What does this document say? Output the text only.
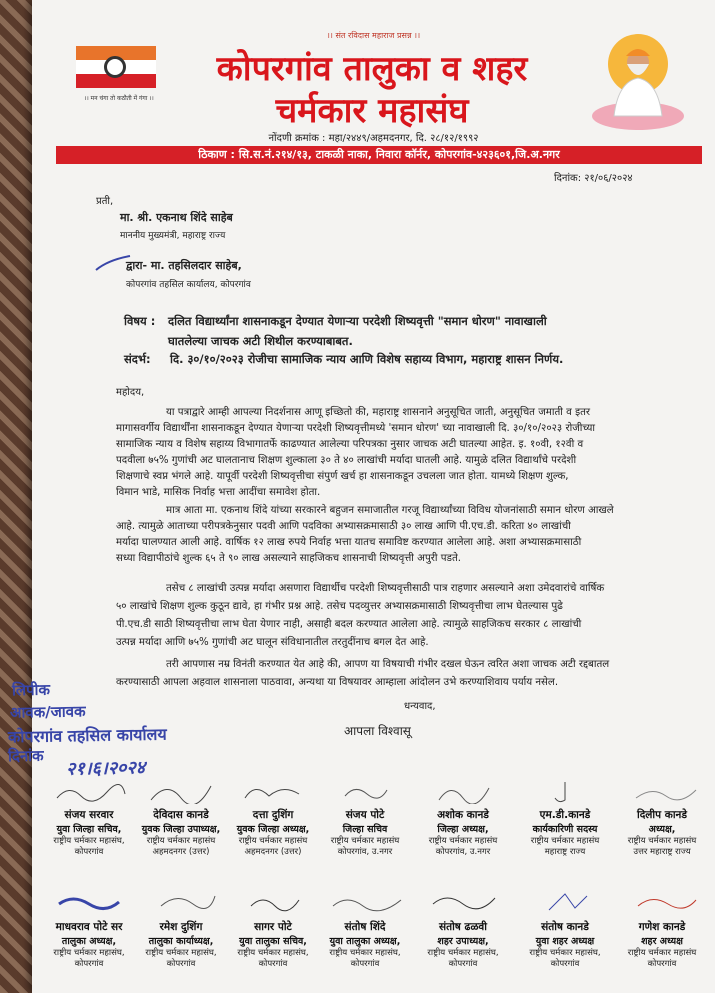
।। संत रविदास महाराज प्रसन्न ।।
।। मन चंगा तो कठौती में गंगा ।।
कोपरगांव तालुका व शहर
चर्मकार महासंघ
नोंदणी क्रमांक : महा/२४४९/अहमदनगर, दि. २८/१२/१९९२
ठिकाण : सि.स.नं.२१४/१३, टाकळी नाका, निवारा कॉर्नर, कोपरगांव-४२३६०१,जि.अ.नगर
दिनांक: २१/०६/२०२४
प्रती,
मा. श्री. एकनाथ शिंदे साहेब
माननीय मुख्यमंत्री, महाराष्ट्र राज्य
द्वारा- मा. तहसिलदार साहेब,
कोपरगांव तहसिल कार्यालय, कोपरगांव
विषय : दलित विद्यार्थ्यांना शासनाकडून देण्यात येणाऱ्या परदेशी शिष्यवृत्ती "समान धोरण" नावाखाली
घातलेल्या जाचक अटी शिथील करण्याबाबत.
संदर्भ: दि. ३०/१०/२०२३ रोजीचा सामाजिक न्याय आणि विशेष सहाय्य विभाग, महाराष्ट्र शासन निर्णय.
महोदय,
या पत्राद्वारे आम्ही आपल्या निदर्शनास आणू इच्छितो की, महाराष्ट्र शासनाने अनुसूचित जाती, अनुसूचित जमाती व इतर
मागासवर्गीय विद्यार्थींना शासनाकडून देण्यात येणाऱ्या परदेशी शिष्यवृत्तीमध्ये 'समान धोरण' च्या नावाखाली दि. ३०/१०/२०२३ रोजीच्या
सामाजिक न्याय व विशेष सहाय्य विभागातर्फे काढण्यात आलेल्या परिपत्रका नुसार जाचक अटी घातल्या आहेत. इ. १०वी, १२वी व
पदवीला ७५% गुणांची अट घालतानाच शिक्षण शुल्काला ३० ते ४० लाखांची मर्यादा घातली आहे. यामुळे दलित विद्यार्थांचे परदेशी
शिक्षणाचे स्वप्न भंगले आहे. यापूर्वी परदेशी शिष्यवृत्तीचा संपुर्ण खर्च हा शासनाकडून उचलला जात होता. यामध्ये शिक्षण शुल्क,
विमान भाडे, मासिक निर्वाह भत्ता आदींचा समावेश होता.
मात्र आता मा. एकनाथ शिंदे यांच्या सरकारने बहुजन समाजातील गरजू विद्यार्थ्यांच्या विविध योजनांसाठी समान धोरण आखले
आहे. त्यामुळे आताच्या परीपत्रकेनुसार पदवी आणि पदविका अभ्यासक्रमासाठी ३० लाख आणि पी.एच.डी. करिता ४० लाखांची
मर्यादा घालण्यात आली आहे. वार्षिक १२ लाख रुपये निर्वाह भत्ता यातच समाविष्ट करण्यात आलेला आहे. अशा अभ्यासक्रमासाठी
सध्या विद्यापीठांचे शुल्क ६५ ते ९० लाख असल्याने साहजिकच शासनाची शिष्यवृत्ती अपुरी पडते.
तसेच ८ लाखांची उत्पन्न मर्यादा असणारा विद्यार्थीच परदेशी शिष्यवृत्तीसाठी पात्र राहणार असल्याने अशा उमेदवारांचे वार्षिक
५० लाखांचे शिक्षण शुल्क कुठून द्यावे, हा गंभीर प्रश्न आहे. तसेच पदव्युत्तर अभ्यासक्रमासाठी शिष्यवृत्तीचा लाभ घेतल्यास पुढे
पी.एच.डी साठी शिष्यवृत्तीचा लाभ घेता येणार नाही, असाही बदल करण्यात आलेला आहे. त्यामुळे साहजिकच सरकार ८ लाखांची
उत्पन्न मर्यादा आणि ७५% गुणांची अट घालून संविधानातील तरतुदींनाच बगल देत आहे.
तरी आपणास नम्र विनंती करण्यात येत आहे की, आपण या विषयाची गंभीर दखल घेऊन त्वरित अशा जाचक अटी रद्दबातल
करण्यासाठी आपला अहवाल शासनाला पाठवावा, अन्यथा या विषयावर आम्हाला आंदोलन उभे करण्याशिवाय पर्याय नसेल.
धन्यवाद,
आपला विश्वासू
लिपीक
आवक/जावक
कोपरगांव तहसिल कार्यालय
दिनांक
२१।६।२०२४
संजय सरवार
युवा जिल्हा सचिव,
राष्ट्रीय चर्मकार महासंघ,
कोपरगांव
देविदास कानडे
युवक जिल्हा उपाध्यक्ष,
राष्ट्रीय चर्मकार महासंघ
अहमदनगर (उत्तर)
दत्ता दुशिंग
युवक जिल्हा अध्यक्ष,
राष्ट्रीय चर्मकार महासंघ
अहमदनगर (उत्तर)
संजय पोटे
जिल्हा सचिव
राष्ट्रीय चर्मकार महासंघ
कोपरगांव, उ.नगर
अशोक कानडे
जिल्हा अध्यक्ष,
राष्ट्रीय चर्मकार महासंघ
कोपरगांव, उ.नगर
एम.डी.कानडे
कार्यकारिणी सदस्य
राष्ट्रीय चर्मकार महासंघ
महाराष्ट्र राज्य
दिलीप कानडे
अध्यक्ष,
राष्ट्रीय चर्मकार महासंघ
उत्तर महाराष्ट्र राज्य
माधवराव पोटे सर
तालुका अध्यक्ष,
राष्ट्रीय चर्मकार महासंघ,
कोपरगांव
रमेश दुशिंग
तालुका कार्याध्यक्ष,
राष्ट्रीय चर्मकार महासंघ,
कोपरगांव
सागर पोटे
युवा तालुका सचिव,
राष्ट्रीय चर्मकार महासंघ,
कोपरगांव
संतोष शिंदे
युवा तालुका अध्यक्ष,
राष्ट्रीय चर्मकार महासंघ,
कोपरगांव
संतोष ढळवी
शहर उपाध्यक्ष,
राष्ट्रीय चर्मकार महासंघ,
कोपरगांव
संतोष कानडे
युवा शहर अध्यक्ष
राष्ट्रीय चर्मकार महासंघ,
कोपरगांव
गणेश कानडे
शहर अध्यक्ष
राष्ट्रीय चर्मकार महासंघ
कोपरगांव
